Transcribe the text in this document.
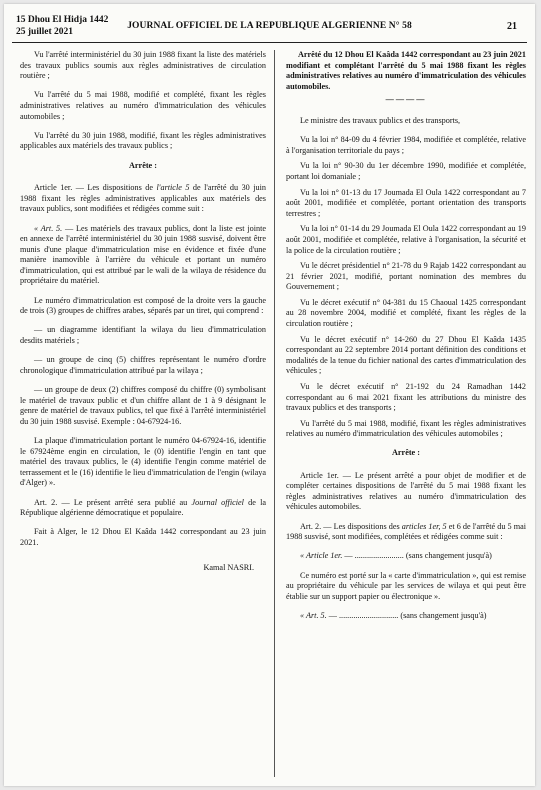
15 Dhou El Hidja 1442
25 juillet 2021
JOURNAL OFFICIEL DE LA REPUBLIQUE ALGERIENNE N° 58	21

Vu l'arrêté interministériel du 30 juin 1988 fixant la liste des matériels des travaux publics soumis aux règles administratives de circulation routière ;

Vu l'arrêté du 5 mai 1988, modifié et complété, fixant les règles administratives relatives au numéro d'immatriculation des véhicules automobiles ;

Vu l'arrêté du 30 juin 1988, modifié, fixant les règles administratives applicables aux matériels des travaux publics ;

Arrête :

Article 1er. — Les dispositions de l'article 5 de l'arrêté du 30 juin 1988 fixant les règles administratives applicables aux matériels des travaux publics, sont modifiées et rédigées comme suit :

« Art. 5. — Les matériels des travaux publics, dont la liste est jointe en annexe de l'arrêté interministériel du 30 juin 1988 susvisé, doivent être munis d'une plaque d'immatriculation mise en évidence et fixée d'une manière inamovible à l'arrière du véhicule et portant un numéro d'immatriculation, qui est attribué par le wali de la wilaya de résidence du propriétaire du matériel.

Le numéro d'immatriculation est composé de la droite vers la gauche de trois (3) groupes de chiffres arabes, séparés par un tiret, qui comprend :

— un diagramme identifiant la wilaya du lieu d'immatriculation desdits matériels ;

— un groupe de cinq (5) chiffres représentant le numéro d'ordre chronologique d'immatriculation attribué par la wilaya ;

— un groupe de deux (2) chiffres composé du chiffre (0) symbolisant le matériel de travaux public et d'un chiffre allant de 1 à 9 désignant le genre de matériel de travaux publics, tel que fixé à l'arrêté interministériel du 30 juin 1988 susvisé. Exemple : 04-67924-16.

La plaque d'immatriculation portant le numéro 04-67924-16, identifie le 67924ème engin en circulation, le (0) identifie l'engin en tant que matériel des travaux publics, le (4) identifie l'engin comme matériel de terrassement et le (16) identifie le lieu d'immatriculation de l'engin (wilaya d'Alger) ».

Art. 2. — Le présent arrêté sera publié au Journal officiel de la République algérienne démocratique et populaire.

Fait à Alger, le 12 Dhou El Kaâda 1442 correspondant au 23 juin 2021.

Kamal NASRI.

Arrêté du 12 Dhou El Kaâda 1442 correspondant au 23 juin 2021 modifiant et complétant l'arrêté du 5 mai 1988 fixant les règles administratives relatives au numéro d'immatriculation des véhicules automobiles.

————

Le ministre des travaux publics et des transports,

Vu la loi n° 84-09 du 4 février 1984, modifiée et complétée, relative à l'organisation territoriale du pays ;

Vu la loi n° 90-30 du 1er décembre 1990, modifiée et complétée, portant loi domaniale ;

Vu la loi n° 01-13 du 17 Joumada El Oula 1422 correspondant au 7 août 2001, modifiée et complétée, portant orientation des transports terrestres ;

Vu la loi n° 01-14 du 29 Joumada El Oula 1422 correspondant au 19 août 2001, modifiée et complétée, relative à l'organisation, la sécurité et la police de la circulation routière ;

Vu le décret présidentiel n° 21-78 du 9 Rajab 1422 correspondant au 21 février 2021, modifié, portant nomination des membres du Gouvernement ;

Vu le décret exécutif n° 04-381 du 15 Chaoual 1425 correspondant au 28 novembre 2004, modifié et complété, fixant les règles de la circulation routière ;

Vu le décret exécutif n° 14-260 du 27 Dhou El Kaâda 1435 correspondant au 22 septembre 2014 portant définition des conditions et modalités de la tenue du fichier national des cartes d'immatriculation des véhicules ;

Vu le décret exécutif n° 21-192 du 24 Ramadhan 1442 correspondant au 6 mai 2021 fixant les attributions du ministre des travaux publics et des transports ;

Vu l'arrêté du 5 mai 1988, modifié, fixant les règles administratives relatives au numéro d'immatriculation des véhicules automobiles ;

Arrête :

Article 1er. — Le présent arrêté a pour objet de modifier et de compléter certaines dispositions de l'arrêté du 5 mai 1988 fixant les règles administratives relatives au numéro d'immatriculation des véhicules automobiles.

Art. 2. — Les dispositions des articles 1er, 5 et 6 de l'arrêté du 5 mai 1988 susvisé, sont modifiées, complétées et rédigées comme suit :

« Article 1er. — ........................ (sans changement jusqu'à)

Ce numéro est porté sur la « carte d'immatriculation », qui est remise au propriétaire du véhicule par les services de wilaya et qui peut être établie sur un support papier ou électronique ».

« Art. 5. — ............................. (sans changement jusqu'à)
